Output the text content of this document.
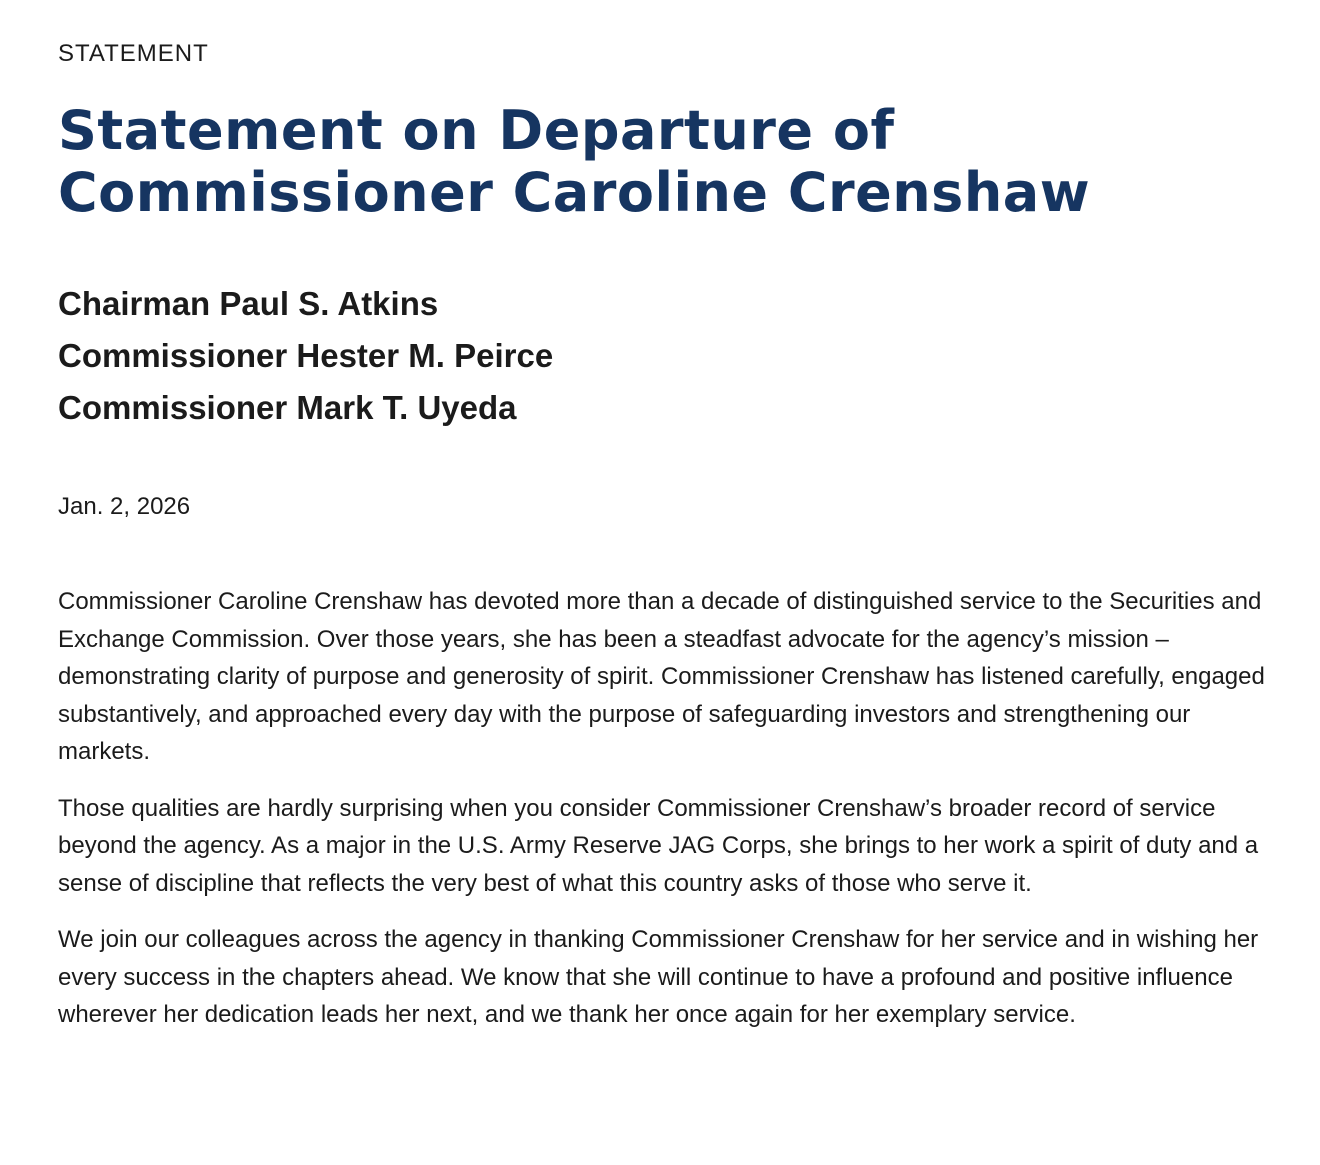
STATEMENT

Statement on Departure of
Commissioner Caroline Crenshaw
Chairman Paul S. Atkins
Commissioner Hester M. Peirce
Commissioner Mark T. Uyeda

Jan. 2, 2026

Commissioner Caroline Crenshaw has devoted more than a decade of distinguished service to the Securities and Exchange Commission. Over those years, she has been a steadfast advocate for the agency’s mission – demonstrating clarity of purpose and generosity of spirit. Commissioner Crenshaw has listened carefully, engaged substantively, and approached every day with the purpose of safeguarding investors and strengthening our markets.

Those qualities are hardly surprising when you consider Commissioner Crenshaw’s broader record of service beyond the agency. As a major in the U.S. Army Reserve JAG Corps, she brings to her work a spirit of duty and a sense of discipline that reflects the very best of what this country asks of those who serve it.

We join our colleagues across the agency in thanking Commissioner Crenshaw for her service and in wishing her every success in the chapters ahead. We know that she will continue to have a profound and positive influence wherever her dedication leads her next, and we thank her once again for her exemplary service.
